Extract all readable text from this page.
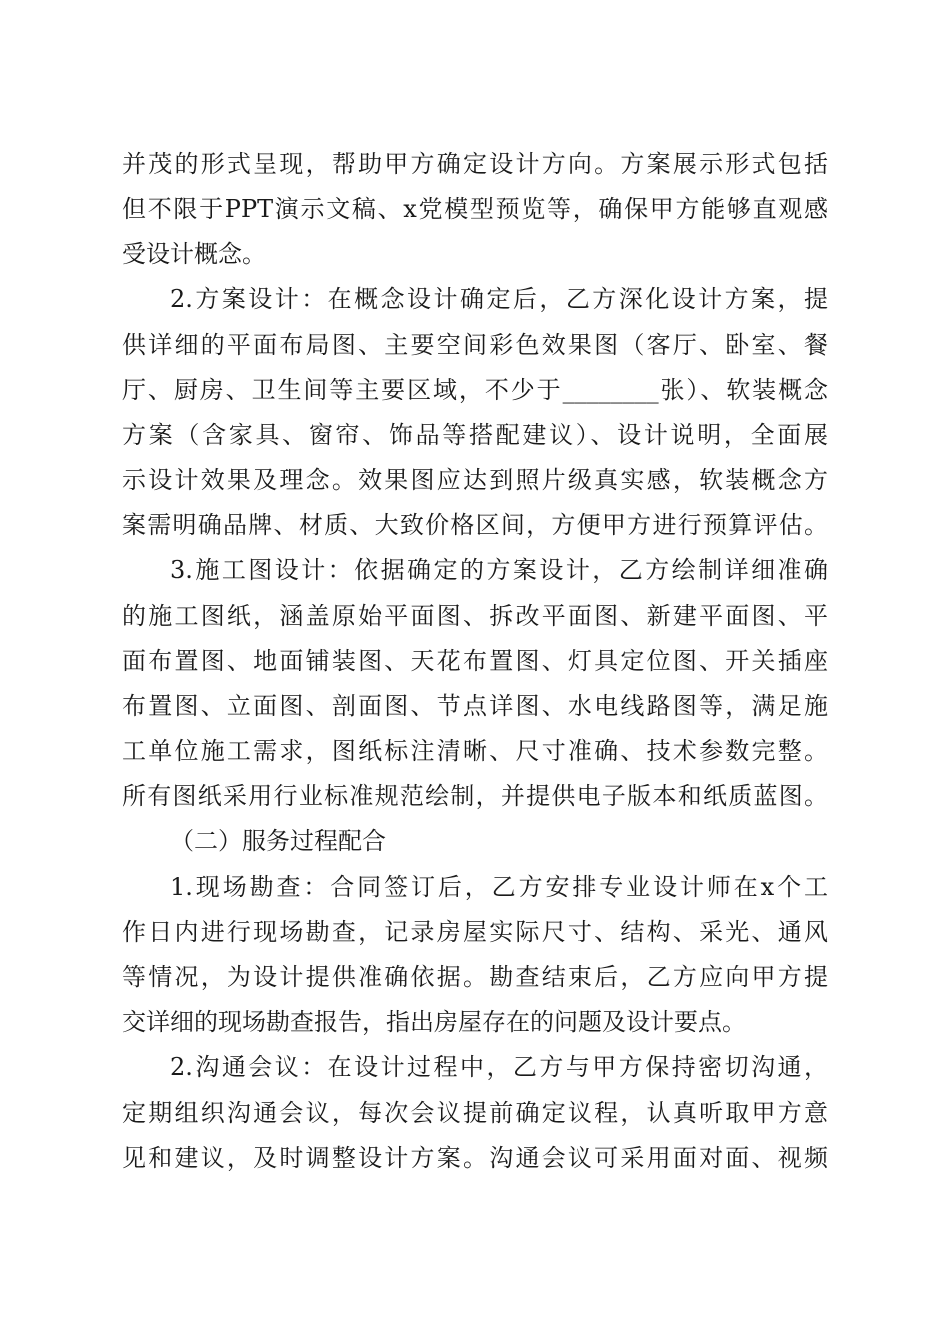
并茂的形式呈现，帮助甲方确定设计方向。方案展示形式包括
但不限于PPT演示文稿、x党模型预览等，确保甲方能够直观感
受设计概念。
2.方案设计：在概念设计确定后，乙方深化设计方案，提
供详细的平面布局图、主要空间彩色效果图（客厅、卧室、餐
厅、厨房、卫生间等主要区域，不少于________张）、软装概念
方案（含家具、窗帘、饰品等搭配建议）、设计说明，全面展
示设计效果及理念。效果图应达到照片级真实感，软装概念方
案需明确品牌、材质、大致价格区间，方便甲方进行预算评估。
3.施工图设计：依据确定的方案设计，乙方绘制详细准确
的施工图纸，涵盖原始平面图、拆改平面图、新建平面图、平
面布置图、地面铺装图、天花布置图、灯具定位图、开关插座
布置图、立面图、剖面图、节点详图、水电线路图等，满足施
工单位施工需求，图纸标注清晰、尺寸准确、技术参数完整。
所有图纸采用行业标准规范绘制，并提供电子版本和纸质蓝图。
（二）服务过程配合
1.现场勘查：合同签订后，乙方安排专业设计师在x个工
作日内进行现场勘查，记录房屋实际尺寸、结构、采光、通风
等情况，为设计提供准确依据。勘查结束后，乙方应向甲方提
交详细的现场勘查报告，指出房屋存在的问题及设计要点。
2.沟通会议：在设计过程中，乙方与甲方保持密切沟通，
定期组织沟通会议，每次会议提前确定议程，认真听取甲方意
见和建议，及时调整设计方案。沟通会议可采用面对面、视频
